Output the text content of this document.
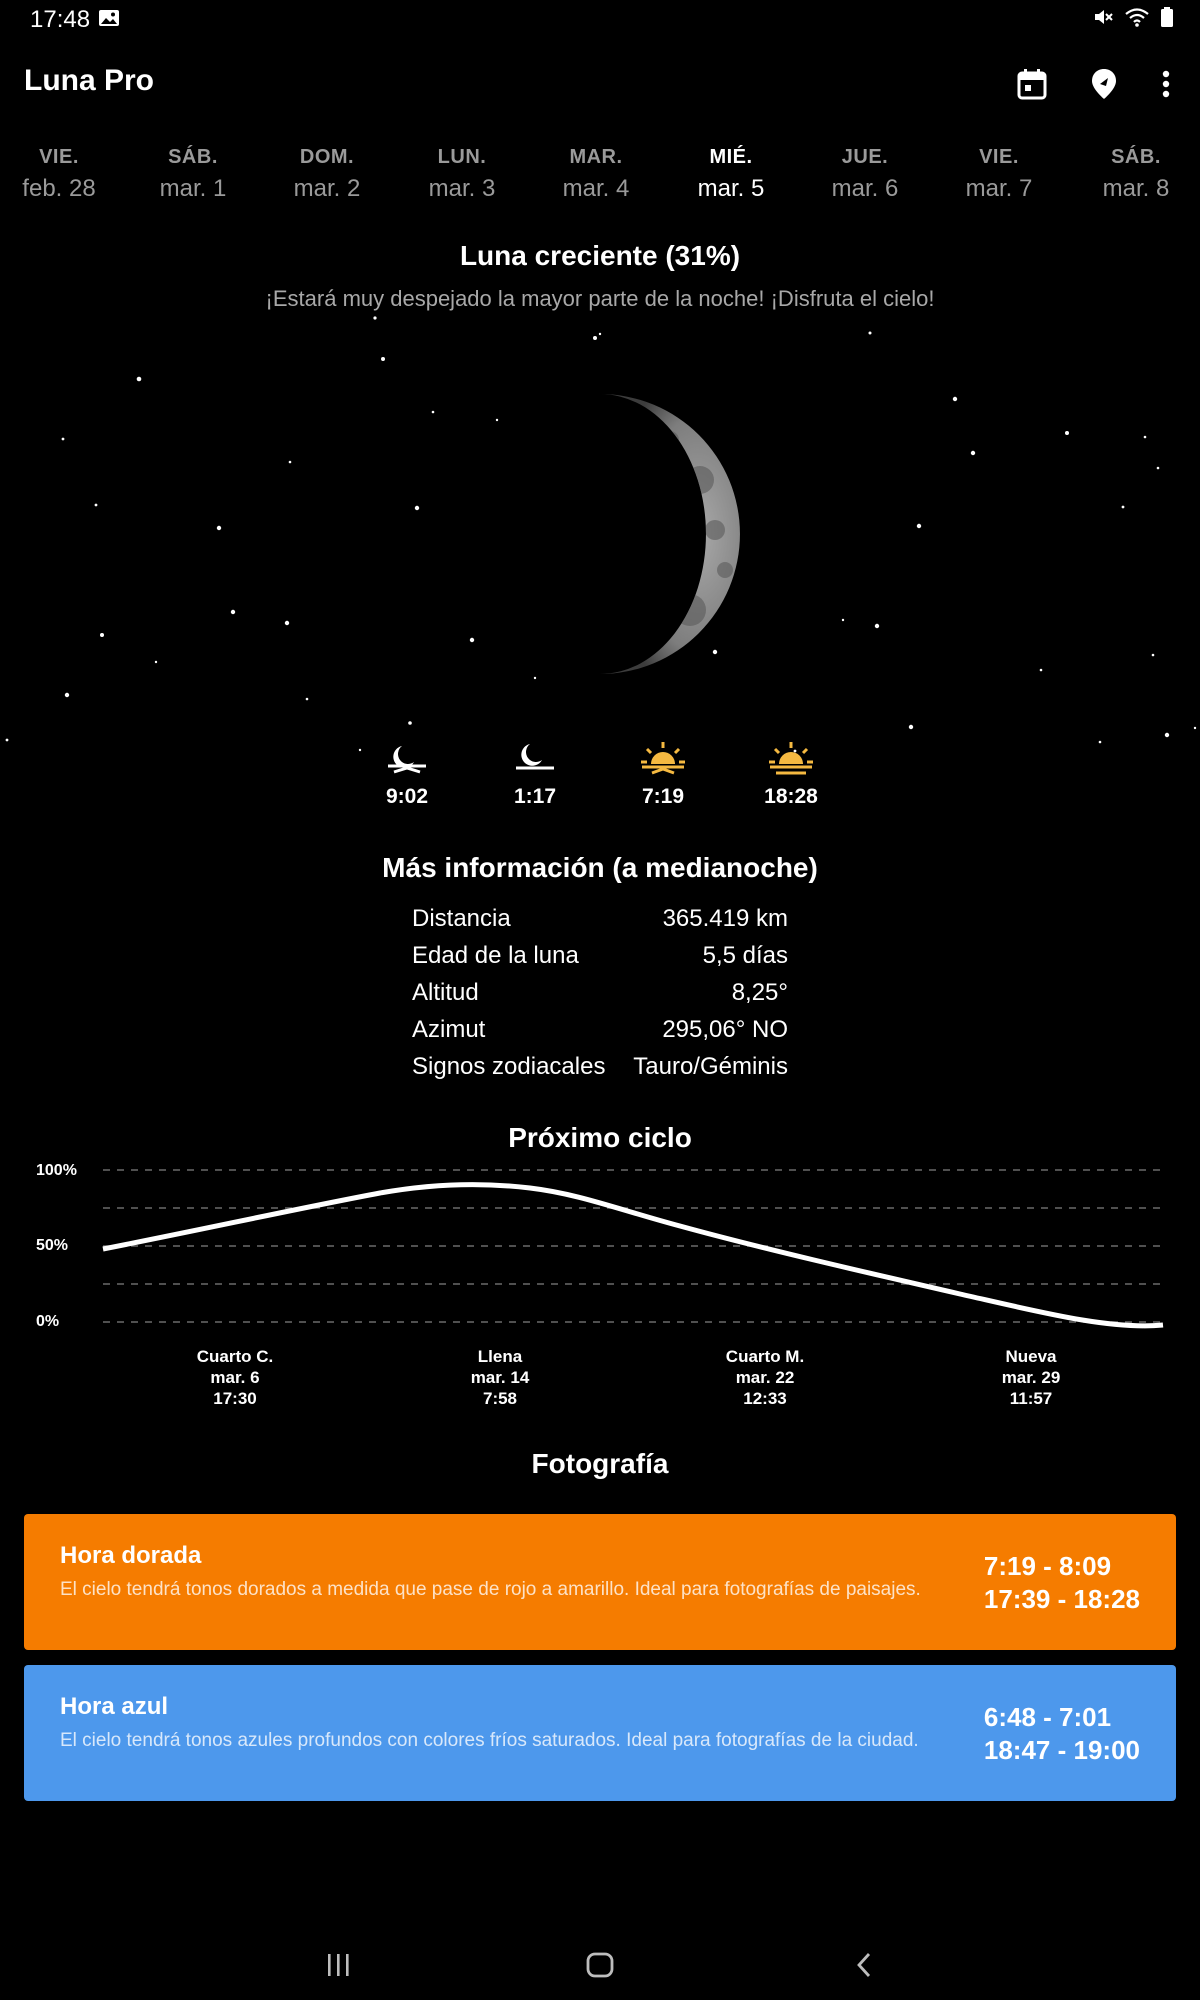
17:48
Luna Pro
VIE.
feb. 28
SÁB.
mar. 1
DOM.
mar. 2
LUN.
mar. 3
MAR.
mar. 4
MIÉ.
mar. 5
JUE.
mar. 6
VIE.
mar. 7
SÁB.
mar. 8
Luna creciente (31%)
¡Estará muy despejado la mayor parte de la noche! ¡Disfruta el cielo!
9:02	1:17	7:19	18:28
Más información (a medianoche)
Distancia	365.419 km
Edad de la luna	5,5 días
Altitud	8,25°
Azimut	295,06° NO
Signos zodiacales Tauro/Géminis
Próximo ciclo
100%
50%
0%
Cuarto C.
mar. 6
17:30
Llena
mar. 14
7:58
Cuarto M.
mar. 22
12:33
Nueva
mar. 29
11:57
Fotografía
Hora dorada
El cielo tendrá tonos dorados a medida que pase de rojo a amarillo. Ideal para fotografías de paisajes.
7:19 - 8:09
17:39 - 18:28
Hora azul
El cielo tendrá tonos azules profundos con colores fríos saturados. Ideal para fotografías de la ciudad.
6:48 - 7:01
18:47 - 19:00
